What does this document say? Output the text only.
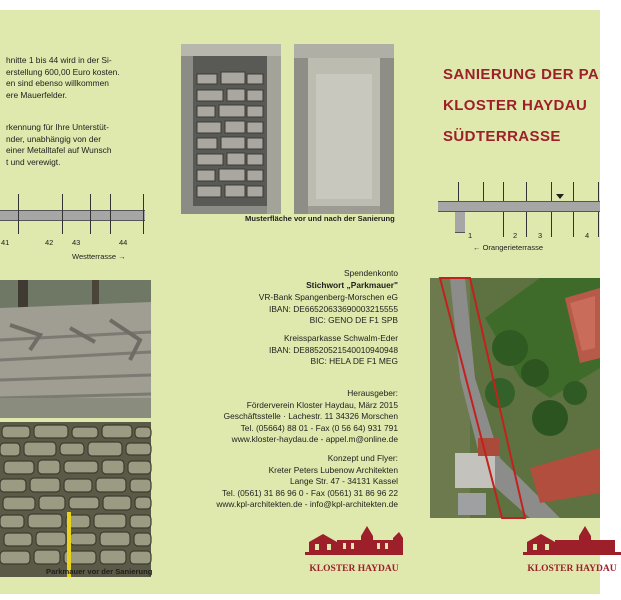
hnitte 1 bis 44 wird in der Si-

erstellung 600,00 Euro kosten.

en sind ebenso willkommen

ere Mauerfelder.

rkennung für Ihre Unterstüt-

nder, unabhängig von der

einer Metalltafel auf Wunsch

t und verewigt.

41	42 43	44
Westterrasse →
Parkmauer vor der Sanierung
Musterfläche vor und nach der Sanierung

Spendenkonto

Stichwort „Parkmauer"

VR-Bank Spangenberg-Morschen eG

IBAN: DE66520633690003215555

BIC: GENO DE F1 SPB

Kreissparkasse Schwalm-Eder

IBAN: DE88520521540010940948

BIC: HELA DE F1 MEG

Herausgeber:

Förderverein Kloster Haydau, März 2015

Geschäftsstelle · Lachestr. 11 34326 Morschen

Tel. (05664) 88 01 - Fax (0 56 64) 931 791

www.kloster-haydau.de - appel.m@online.de

Konzept und Flyer:

Kreter Peters Lubenow Architekten

Lange Str. 47 - 34131 Kassel

Tel. (0561) 31 86 96 0 - Fax (0561) 31 86 96 22

www.kpl-architekten.de - info@kpl-architekten.de

KLOSTER HAYDAU
SANIERUNG DER PA
KLOSTER HAYDAU
SÜDTERRASSE
1	2	3	4
← Orangerieterrasse
KLOSTER HAYDAU
